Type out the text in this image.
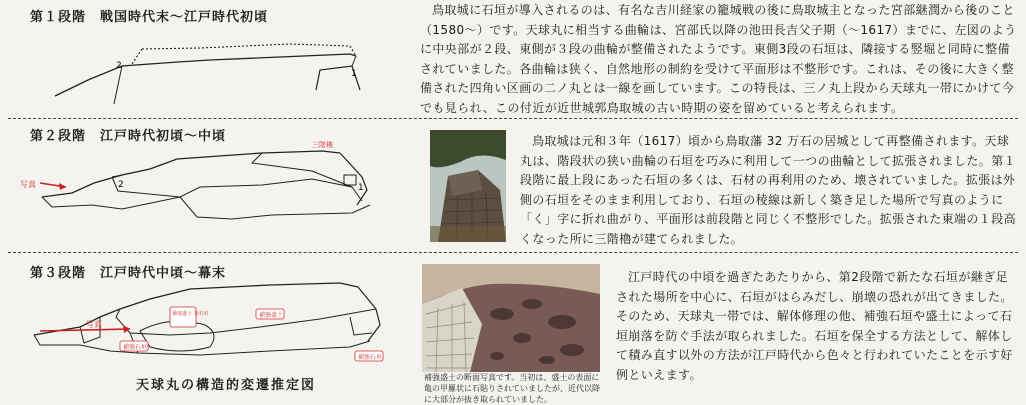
第１段階 戦国時代末～江戸時代初頃
2
1

鳥取城に石垣が導入されるのは、有名な吉川経家の籠城戦の後に鳥取城主となった宮部継潤から後のこと（1580～）です。天球丸に相当する曲輪は、宮部氏以降の池田長吉父子期（～1617）までに、左図のように中央部が２段、東側が３段の曲輪が整備されたようです。東側3段の石垣は、隣接する竪堀と同時に整備されていました。各曲輪は狭く、自然地形の制約を受けて平面形は不整形です。これは、その後に大きく整備された四角い区画の二ノ丸とは一線を画しています。この特長は、三ノ丸上段から天球丸一帯にかけて今でも見られ、この付近が近世城郭鳥取城の古い時期の姿を留めていると考えられます。

第２段階 江戸時代初頃～中頃
三階櫓
写真	2	1

鳥取城は元和３年（1617）頃から鳥取藩 32 万石の居城として再整備されます。天球丸は、階段状の狭い曲輪の石垣を巧みに利用して一つの曲輪として拡張されました。第１段階に最上段にあった石垣の多くは、石材の再利用のため、壊されていました。拡張は外側の石垣をそのまま利用しており、石垣の稜線は新しく築き足した場所で写真のように「く」字に折れ曲がり、平面形は前段階と同じく不整形でした。拡張された東端の１段高くなった所に三階櫓が建てられました。

第３段階 江戸時代中頃～幕末
写真
補強盛土 巻石垣	補強盛土
補強石垣
補強石垣
天球丸の構造的変遷推定図
補強盛土の断面写真です。当初は、盛土の表面に亀の甲羅状に石貼りされていましたが、近代以降に大部分が抜き取られていました。

江戸時代の中頃を過ぎたあたりから、第2段階で新たな石垣が継ぎ足された場所を中心に、石垣がはらみだし、崩壊の恐れが出てきました。そのため、天球丸一帯では、解体修理の他、補強石垣や盛土によって石垣崩落を防ぐ手法が取られました。石垣を保全する方法として、解体して積み直す以外の方法が江戸時代から色々と行われていたことを示す好例といえます。
